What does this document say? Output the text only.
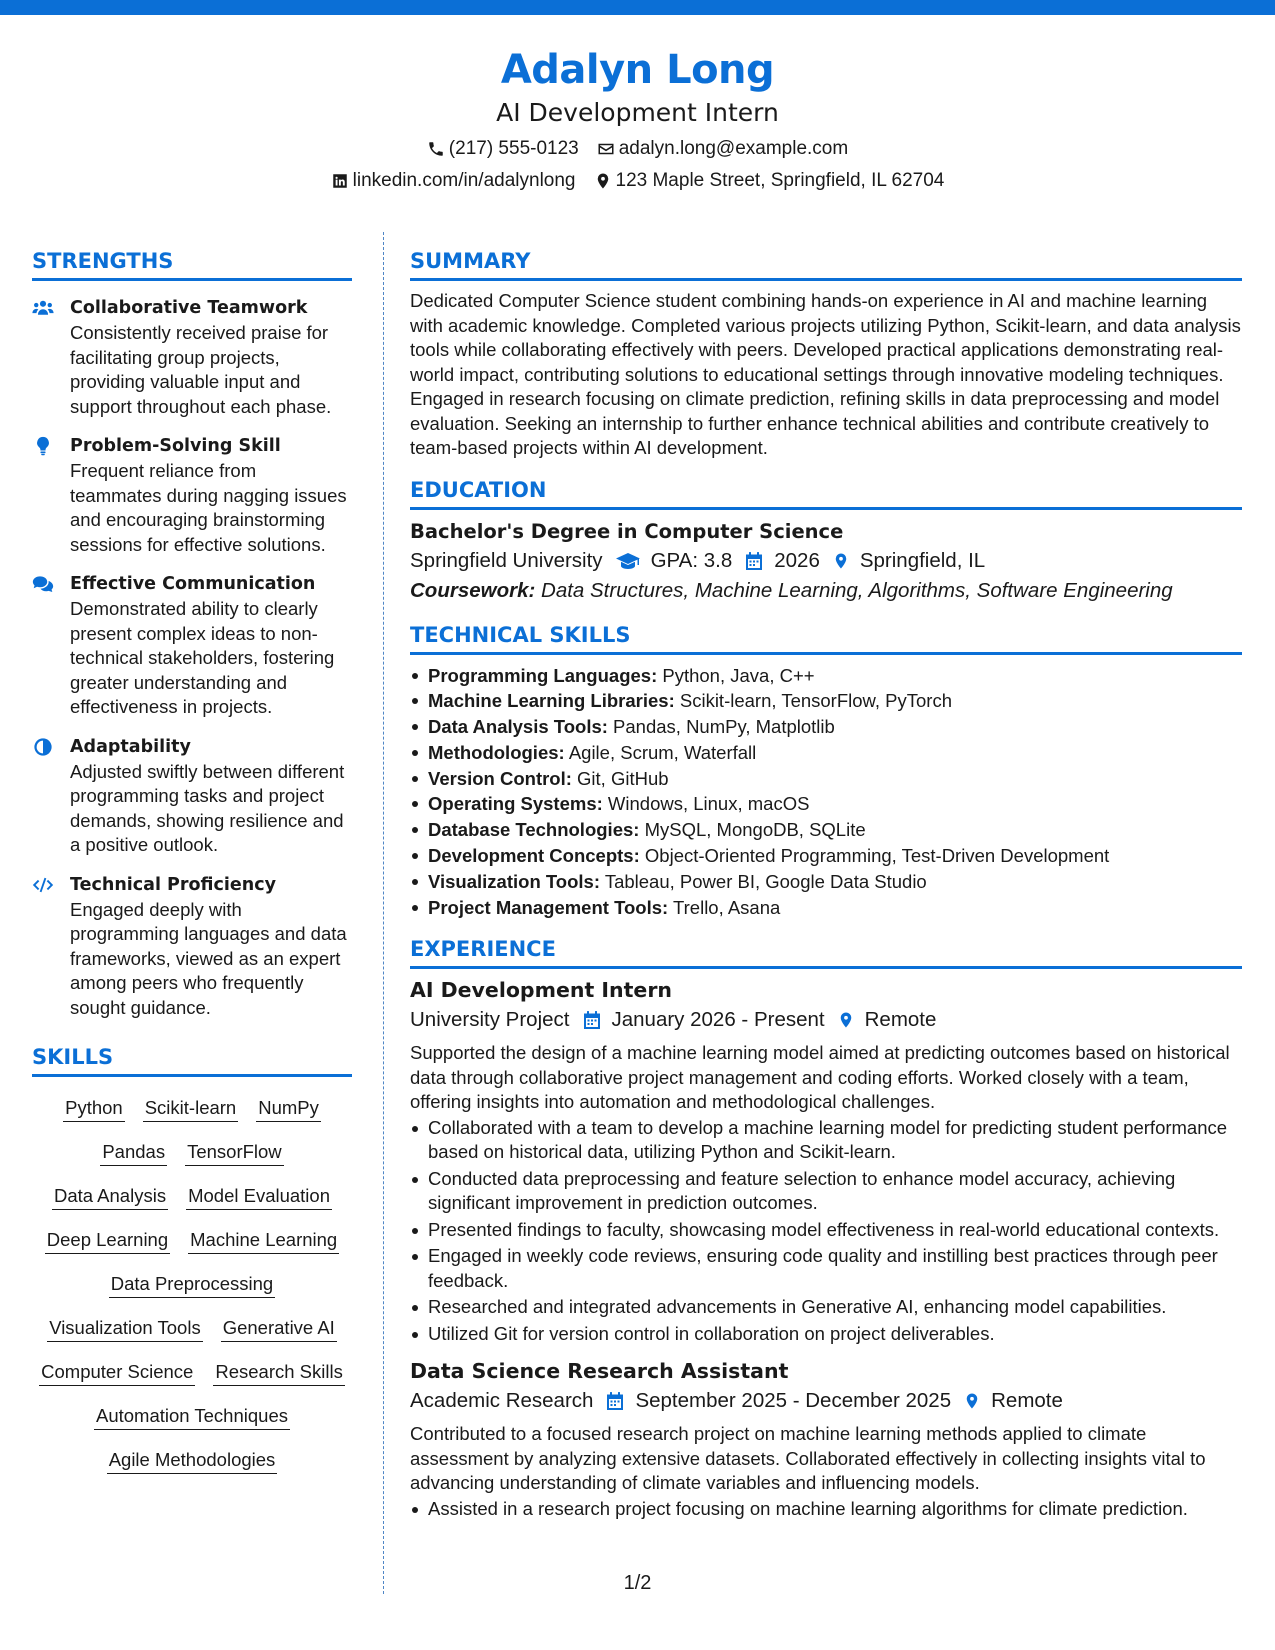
Adalyn Long
AI Development Intern
(217) 555-0123 adalyn.long@example.com
linkedin.com/in/adalynlong 123 Maple Street, Springfield, IL 62704
STRENGTHS
Collaborative Teamwork
Consistently received praise for facilitating group projects, providing valuable input and support throughout each phase.
Problem-Solving Skill
Frequent reliance from teammates during nagging issues and encouraging brainstorming sessions for effective solutions.
Effective Communication
Demonstrated ability to clearly present complex ideas to non-technical stakeholders, fostering greater understanding and effectiveness in projects.
Adaptability
Adjusted swiftly between different programming tasks and project demands, showing resilience and a positive outlook.
Technical Proficiency
Engaged deeply with programming languages and data frameworks, viewed as an expert among peers who frequently sought guidance.
SKILLS
Python Scikit-learn NumPy
Pandas TensorFlow
Data Analysis Model Evaluation
Deep Learning Machine Learning
Data Preprocessing
Visualization Tools Generative AI
Computer Science Research Skills
Automation Techniques
Agile Methodologies
SUMMARY

Dedicated Computer Science student combining hands-on experience in AI and machine learning with academic knowledge. Completed various projects utilizing Python, Scikit-learn, and data analysis tools while collaborating effectively with peers. Developed practical applications demonstrating real-world impact, contributing solutions to educational settings through innovative modeling techniques. Engaged in research focusing on climate prediction, refining skills in data preprocessing and model evaluation. Seeking an internship to further enhance technical abilities and contribute creatively to team-based projects within AI development.

EDUCATION
Bachelor's Degree in Computer Science
Springfield University GPA: 3.8 2026 Springfield, IL
Coursework: Data Structures, Machine Learning, Algorithms, Software Engineering
TECHNICAL SKILLS
Programming Languages: Python, Java, C++
Machine Learning Libraries: Scikit-learn, TensorFlow, PyTorch
Data Analysis Tools: Pandas, NumPy, Matplotlib
Methodologies: Agile, Scrum, Waterfall
Version Control: Git, GitHub
Operating Systems: Windows, Linux, macOS
Database Technologies: MySQL, MongoDB, SQLite
Development Concepts: Object-Oriented Programming, Test-Driven Development
Visualization Tools: Tableau, Power BI, Google Data Studio
Project Management Tools: Trello, Asana
EXPERIENCE
AI Development Intern
University Project January 2026 - Present Remote

Supported the design of a machine learning model aimed at predicting outcomes based on historical data through collaborative project management and coding efforts. Worked closely with a team, offering insights into automation and methodological challenges.

Collaborated with a team to develop a machine learning model for predicting student performance based on historical data, utilizing Python and Scikit-learn.
Conducted data preprocessing and feature selection to enhance model accuracy, achieving significant improvement in prediction outcomes.
Presented findings to faculty, showcasing model effectiveness in real-world educational contexts.
Engaged in weekly code reviews, ensuring code quality and instilling best practices through peer feedback.
Researched and integrated advancements in Generative AI, enhancing model capabilities.
Utilized Git for version control in collaboration on project deliverables.
Data Science Research Assistant
Academic Research September 2025 - December 2025 Remote

Contributed to a focused research project on machine learning methods applied to climate assessment by analyzing extensive datasets. Collaborated effectively in collecting insights vital to advancing understanding of climate variables and influencing models.

Assisted in a research project focusing on machine learning algorithms for climate prediction.
1/2
